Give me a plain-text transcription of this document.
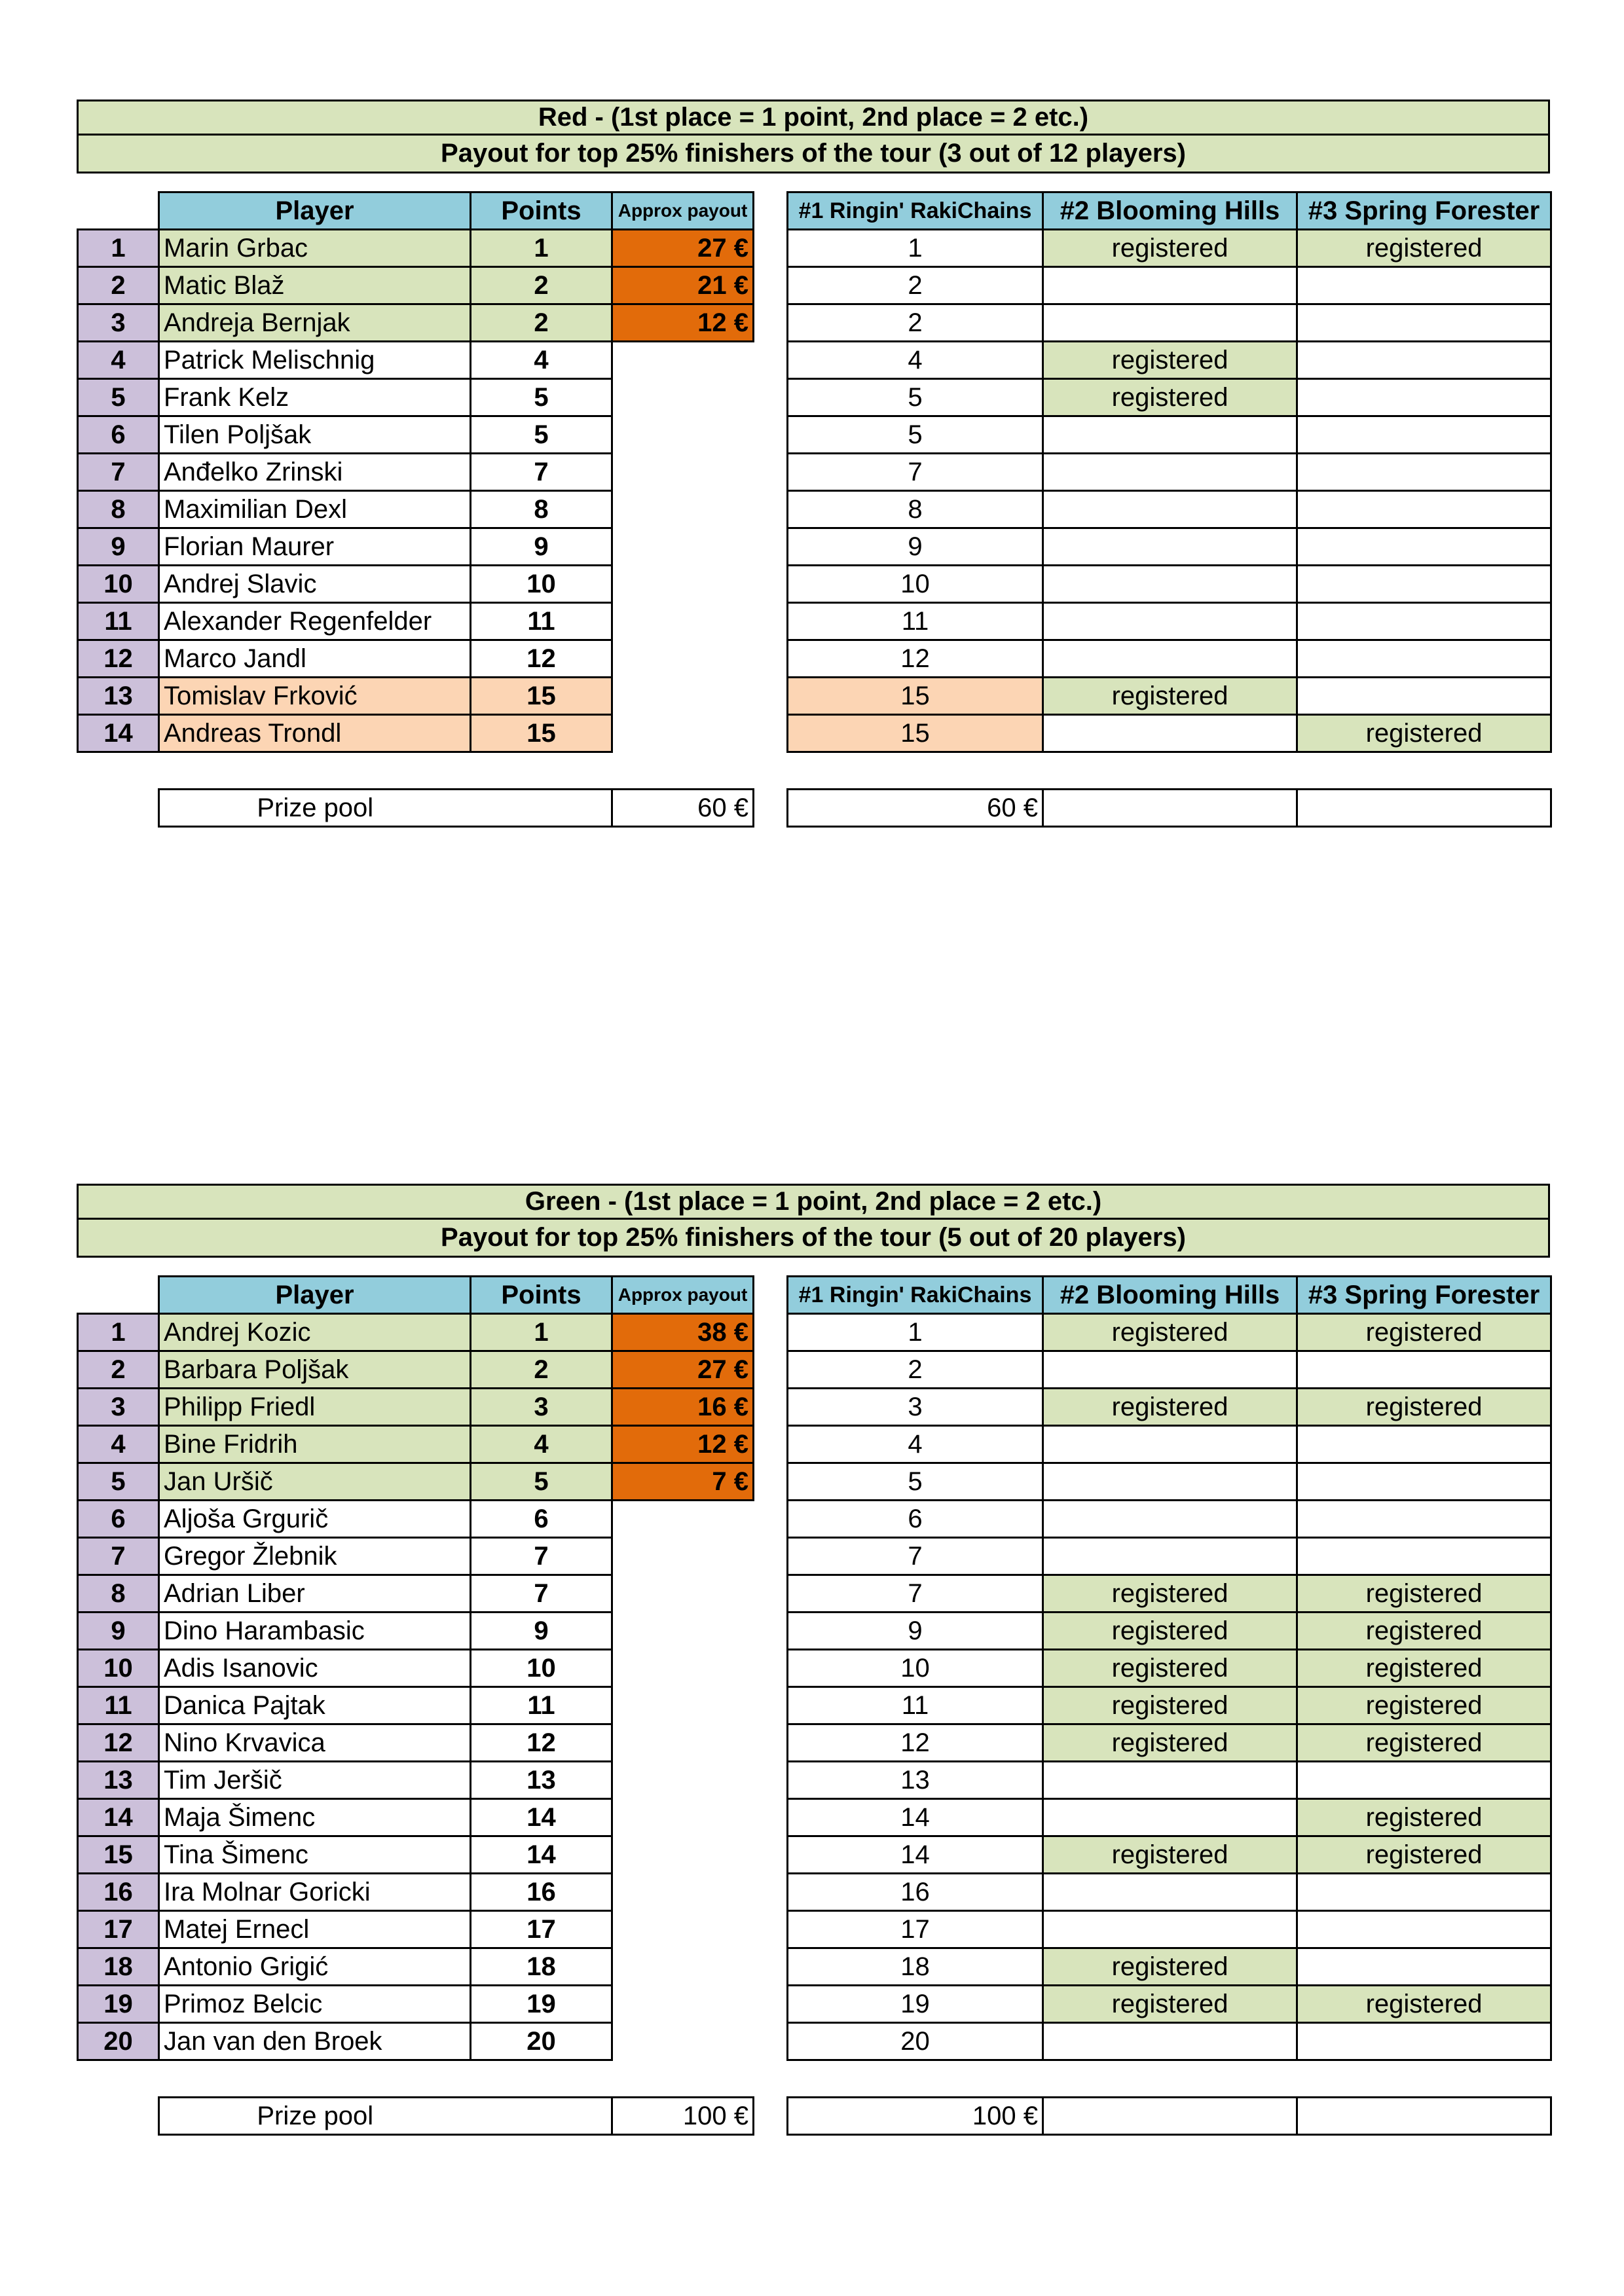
Red - (1st place = 1 point, 2nd place = 2 etc.)
Payout for top 25% finishers of the tour (3 out of 12 players)
	Player	Points	Approx payout		#1 Ringin' RakiChains	#2 Blooming Hills	#3 Spring Forester
1	Marin Grbac	1	27 €		1	registered	registered
2	Matic Blaž	2	21 €		2		
3	Andreja Bernjak	2	12 €		2		
4	Patrick Melischnig	4			4	registered	
5	Frank Kelz	5			5	registered	
6	Tilen Poljšak	5			5		
7	Anđelko Zrinski	7			7		
8	Maximilian Dexl	8			8		
9	Florian Maurer	9			9		
10	Andrej Slavic	10			10		
11	Alexander Regenfelder	11			11		
12	Marco Jandl	12			12		
13	Tomislav Frković	15			15	registered	
14	Andreas Trondl	15			15		registered

	Prize pool		60 €		60 €		
Green - (1st place = 1 point, 2nd place = 2 etc.)
Payout for top 25% finishers of the tour (5 out of 20 players)
	Player	Points	Approx payout		#1 Ringin' RakiChains	#2 Blooming Hills	#3 Spring Forester
1	Andrej Kozic	1	38 €		1	registered	registered
2	Barbara Poljšak	2	27 €		2		
3	Philipp Friedl	3	16 €		3	registered	registered
4	Bine Fridrih	4	12 €		4		
5	Jan Uršič	5	7 €		5		
6	Aljoša Grgurič	6			6		
7	Gregor Žlebnik	7			7		
8	Adrian Liber	7			7	registered	registered
9	Dino Harambasic	9			9	registered	registered
10	Adis Isanovic	10			10	registered	registered
11	Danica Pajtak	11			11	registered	registered
12	Nino Krvavica	12			12	registered	registered
13	Tim Jeršič	13			13		
14	Maja Šimenc	14			14		registered
15	Tina Šimenc	14			14	registered	registered
16	Ira Molnar Goricki	16			16		
17	Matej Ernecl	17			17		
18	Antonio Grigić	18			18	registered	
19	Primoz Belcic	19			19	registered	registered
20	Jan van den Broek	20			20		

	Prize pool		100 €		100 €		
